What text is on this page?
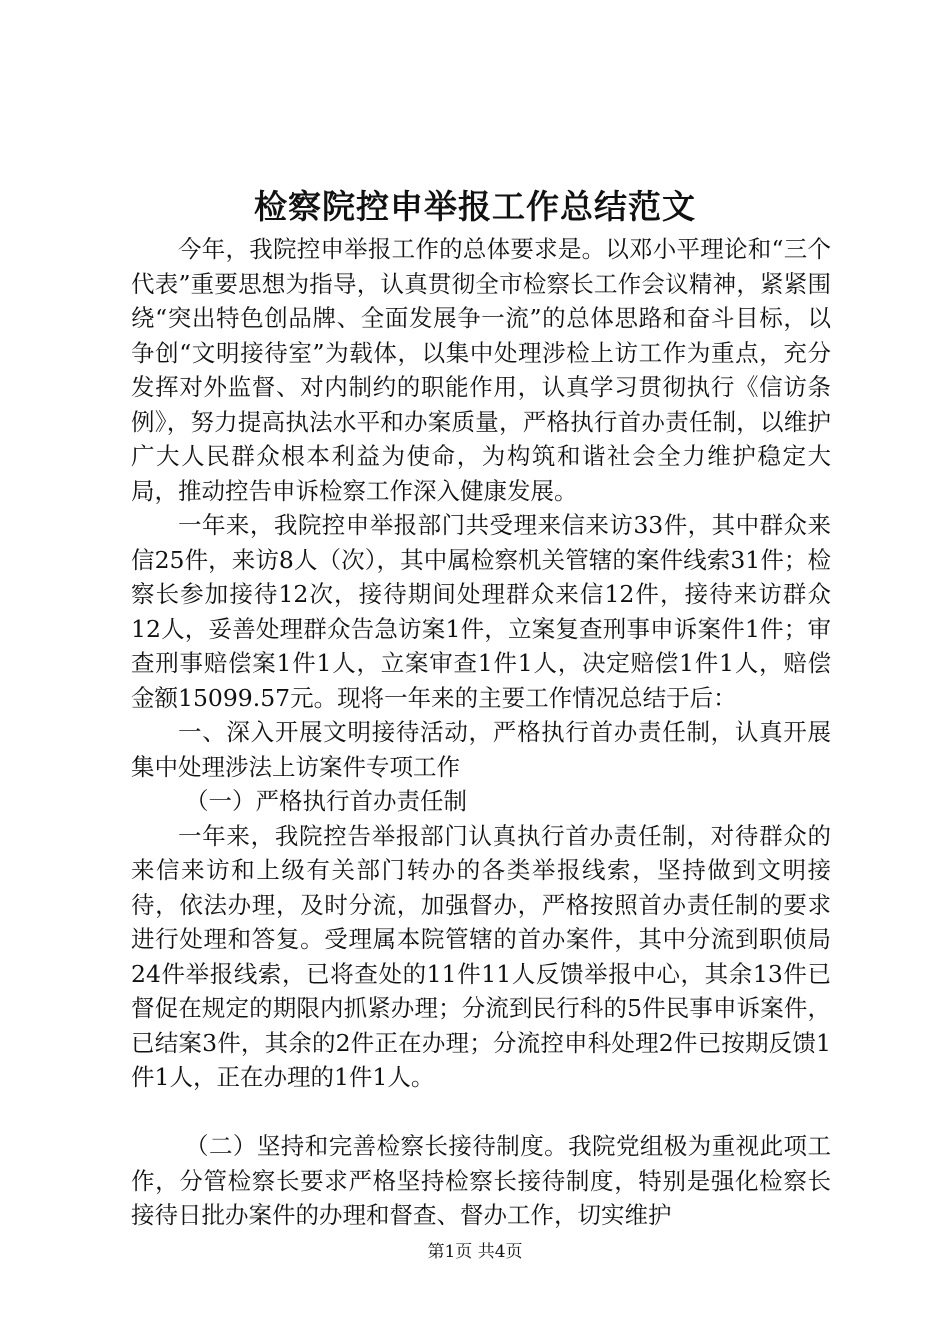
检察院控申举报工作总结范文

今年，我院控申举报工作的总体要求是。以邓小平理论和“三个代表”重要思想为指导，认真贯彻全市检察长工作会议精神，紧紧围绕“突出特色创品牌、全面发展争一流”的总体思路和奋斗目标，以争创“文明接待室”为载体，以集中处理涉检上访工作为重点，充分发挥对外监督、对内制约的职能作用，认真学习贯彻执行《信访条例》，努力提高执法水平和办案质量，严格执行首办责任制，以维护广大人民群众根本利益为使命，为构筑和谐社会全力维护稳定大局，推动控告申诉检察工作深入健康发展。

一年来，我院控申举报部门共受理来信来访33件，其中群众来信25件，来访8人（次），其中属检察机关管辖的案件线索31件；检察长参加接待12次，接待期间处理群众来信12件，接待来访群众12人，妥善处理群众告急访案1件，立案复查刑事申诉案件1件；审查刑事赔偿案1件1人，立案审查1件1人，决定赔偿1件1人，赔偿金额15099.57元。现将一年来的主要工作情况总结于后：

一、深入开展文明接待活动，严格执行首办责任制，认真开展集中处理涉法上访案件专项工作

（一）严格执行首办责任制

一年来，我院控告举报部门认真执行首办责任制，对待群众的来信来访和上级有关部门转办的各类举报线索，坚持做到文明接待，依法办理，及时分流，加强督办，严格按照首办责任制的要求进行处理和答复。受理属本院管辖的首办案件，其中分流到职侦局24件举报线索，已将查处的11件11人反馈举报中心，其余13件已督促在规定的期限内抓紧办理；分流到民行科的5件民事申诉案件，已结案3件，其余的2件正在办理；分流控申科处理2件已按期反馈1件1人，正在办理的1件1人。

（二）坚持和完善检察长接待制度。我院党组极为重视此项工作，分管检察长要求严格坚持检察长接待制度，特别是强化检察长接待日批办案件的办理和督查、督办工作，切实维护

第1页 共4页
